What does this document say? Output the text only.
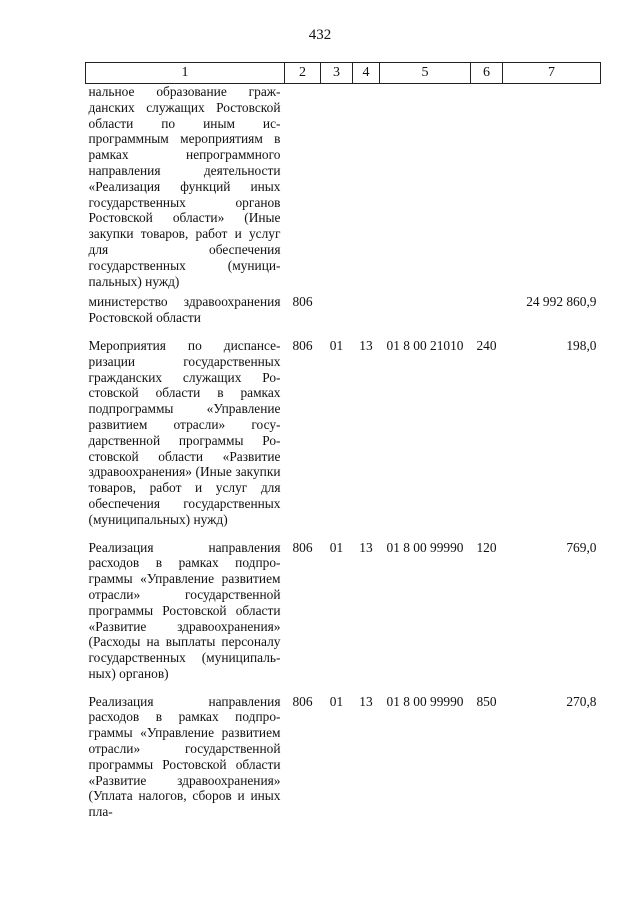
432
1	2	3	4	5	6	7
нальное образование гражданских служащих Ростовской области по иным испрограммным мероприятиям в рамках непрограммного направления деятельности «Реализация функций иных государственных органов Ростовской области» (Иные закупки товаров, работ и услуг для обеспечения государственных (муниципальных) нужд)						
министерство здравоохранения Ростовской области	806					24 992 860,9
Мероприятия по диспансеризации государственных гражданских служащих Ростовской области в рамках подпрограммы «Управление развитием отрасли» государственной программы Ростовской области «Развитие здравоохранения» (Иные закупки товаров, работ и услуг для обеспечения государственных (муниципальных) нужд)	806	01	13	01 8 00 21010	240	198,0
Реализация направления расходов в рамках подпрограммы «Управление развитием отрасли» государственной программы Ростовской области «Развитие здравоохранения» (Расходы на выплаты персоналу государственных (муниципальных) органов)	806	01	13	01 8 00 99990	120	769,0
Реализация направления расходов в рамках подпрограммы «Управление развитием отрасли» государственной программы Ростовской области «Развитие здравоохранения» (Уплата налогов, сборов и иных пла-	806	01	13	01 8 00 99990	850	270,8
